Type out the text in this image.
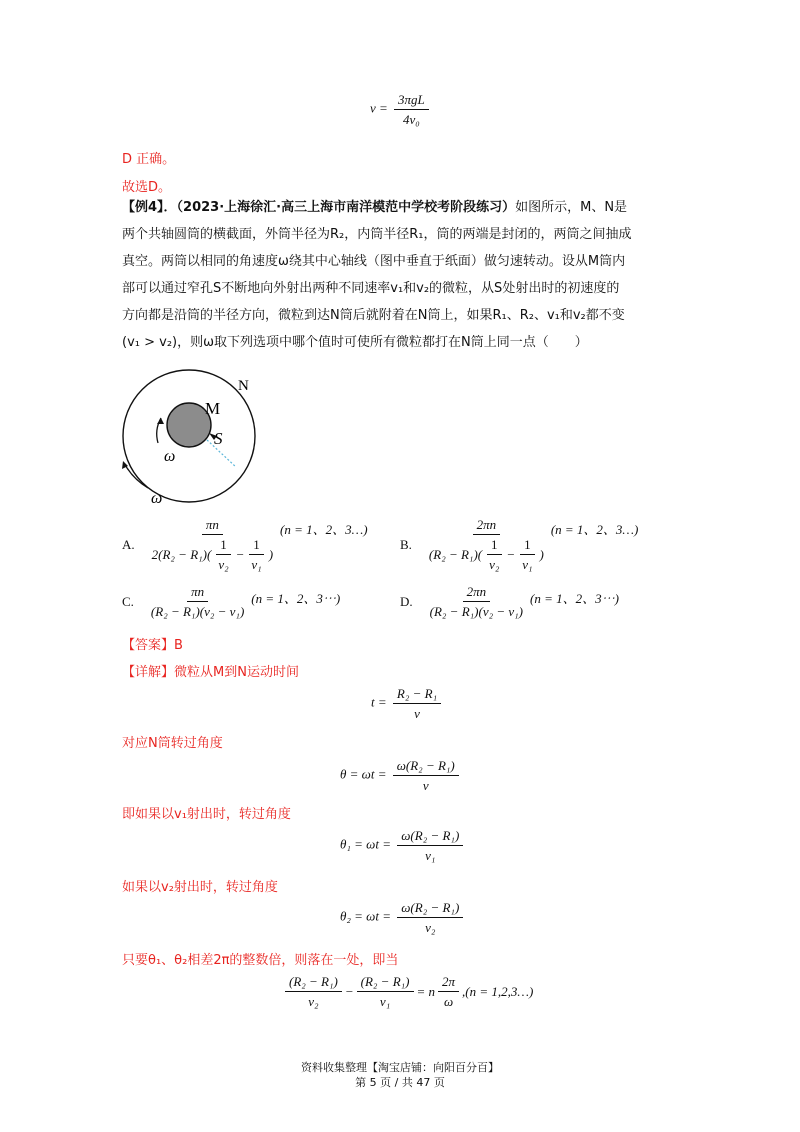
$v = \frac{\text{3πgL}}{\text{4v₀}}$
D 正确。
故选D。
【例4】．（2023·上海徐汇·高三上海市南洋模范中学校考阶段练习）如图所示，M、N是
两个共轴圆筒的横截面，外筒半径为R₂，内筒半径R₁，筒的两端是封闭的，两筒之间抽成
真空。两筒以相同的角速度ω绕其中心轴线（图中垂直于纸面）做匀速转动。设从M筒内
部可以通过窄孔S不断地向外射出两种不同速率v₁和v₂的微粒，从S处射出时的初速度的
方向都是沿筒的半径方向，微粒到达N筒后就附着在N筒上，如果R₁、R₂、v₁和v₂都不变
(v₁ > v₂)，则ω取下列选项中哪个值时可使所有微粒都打在N筒上同一点（　　）
M
N
S
ω
ω
A. $\frac{\pi n}{2(R_2 - R_1)( \frac{1}{\text{v₂}} - \frac{1}{\text{v₁}} )} (n = 1$、2、3…)
B. $\frac{2\pi n}{(R_2 - R_1)( \frac{1}{\text{v₂}} - \frac{1}{\text{v₁}} )} (n = 1$、2、3…)
C. $\frac{\pi n}{\text{(R₂ − R₁)(v₂ − v₁)}} (n = 1$、2、3⋯)	D. $\frac{2\pi n}{\text{(R₂ − R₁)(v₂ − v₁)}} (n = 1$、2、3⋯)
【答案】B
【详解】微粒从M到N运动时间
$t = \frac{\text{R₂ − R₁}}{v}$
对应N筒转过角度
$\theta = \omega t = \frac{\text{ω(R₂ − R₁)}}{v}$
即如果以v₁射出时，转过角度
$\theta_1 = \omega t = \frac{\text{ω(R₂ − R₁)}}{\text{v₁}}$
如果以v₂射出时，转过角度
$\theta_2 = \omega t = \frac{\text{ω(R₂ − R₁)}}{\text{v₂}}$
只要θ₁、θ₂相差2π的整数倍，则落在一处，即当
$\frac{\text{(R₂ − R₁)}}{\text{v₂}} - \frac{\text{(R₂ − R₁)}}{\text{v₁}} = n \frac{2\pi}{\omega} ,(n$ = 1,2,3…)
资料收集整理【淘宝店铺：向阳百分百】
第 5 页 / 共 47 页
